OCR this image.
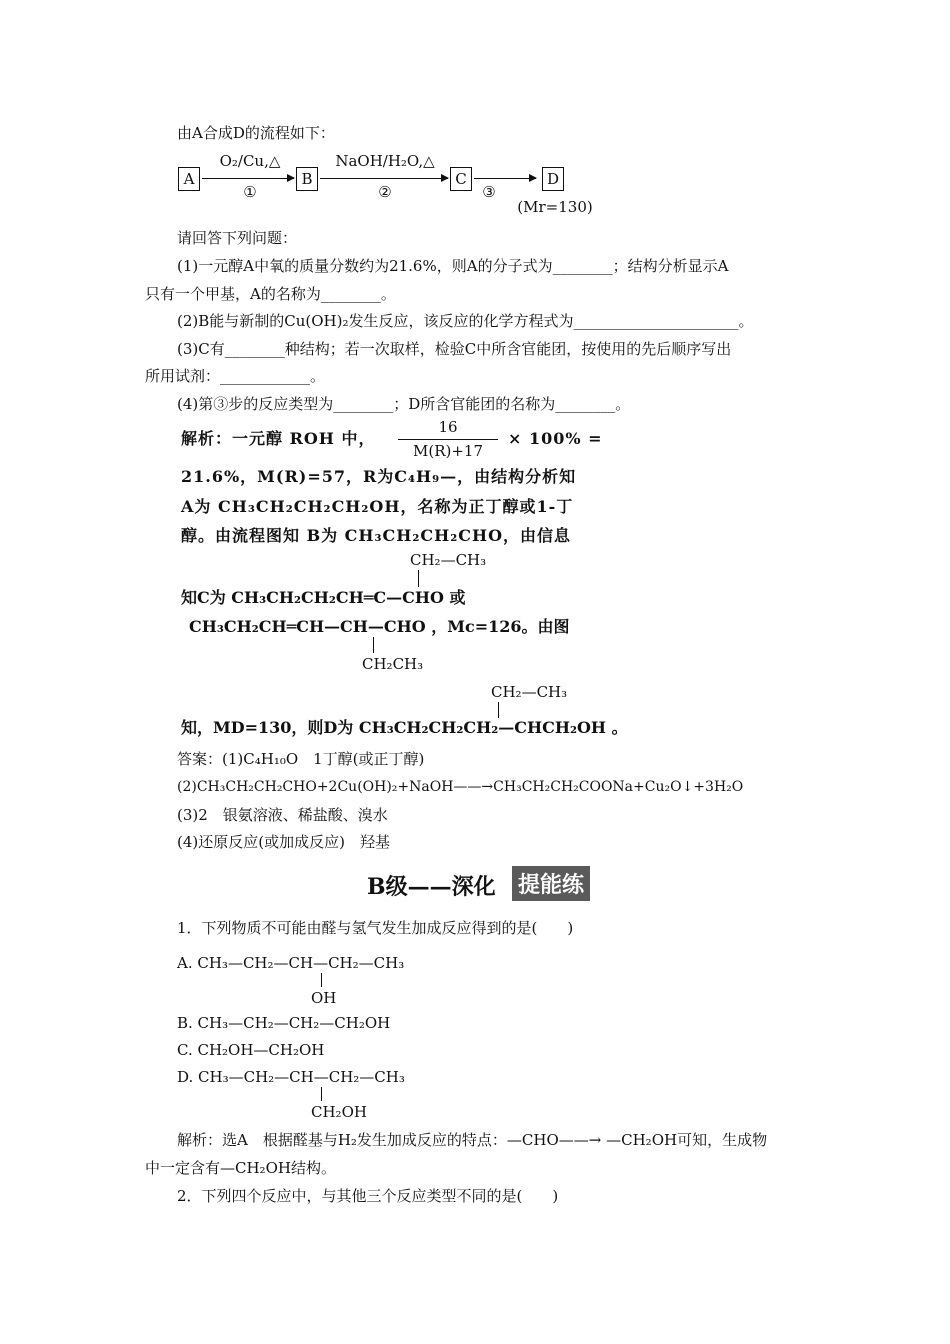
由A合成D的流程如下：
A
O₂/Cu,△
①
B
NaOH/H₂O,△
②
C
③
D
(Mr=130)
请回答下列问题：
(1)一元醇A中氧的质量分数约为21.6%，则A的分子式为________；结构分析显示A
只有一个甲基，A的名称为________。
(2)B能与新制的Cu(OH)₂发生反应，该反应的化学方程式为______________________。
(3)C有________种结构；若一次取样，检验C中所含官能团，按使用的先后顺序写出
所用试剂：____________。
(4)第③步的反应类型为________；D所含官能团的名称为________。
解析：一元醇 ROH 中，
16
M(R)+17
× 100% =
21.6%，M(R)=57，R为C₄H₉—，由结构分析知
A为 CH₃CH₂CH₂CH₂OH，名称为正丁醇或1-丁
醇。由流程图知 B为 CH₃CH₂CH₂CHO，由信息
CH₂—CH₃
知C为 CH₃CH₂CH₂CH═C—CHO 或
CH₃CH₂CH═CH—CH—CHO ，Mc=126。由图
CH₂CH₃
CH₂—CH₃
知，MD=130，则D为 CH₃CH₂CH₂CH₂—CHCH₂OH 。
答案：(1)C₄H₁₀O　1丁醇(或正丁醇)
(2)CH₃CH₂CH₂CHO+2Cu(OH)₂+NaOH——→CH₃CH₂CH₂COONa+Cu₂O↓+3H₂O
(3)2　银氨溶液、稀盐酸、溴水
(4)还原反应(或加成反应)　羟基
B级——深化 提能练
1．下列物质不可能由醛与氢气发生加成反应得到的是(　　)
A. CH₃—CH₂—CH—CH₂—CH₃
OH
B. CH₃—CH₂—CH₂—CH₂OH
C. CH₂OH—CH₂OH
D. CH₃—CH₂—CH—CH₂—CH₃
CH₂OH
解析：选A　根据醛基与H₂发生加成反应的特点：—CHO——→ —CH₂OH可知，生成物
中一定含有—CH₂OH结构。
2．下列四个反应中，与其他三个反应类型不同的是(　　)
